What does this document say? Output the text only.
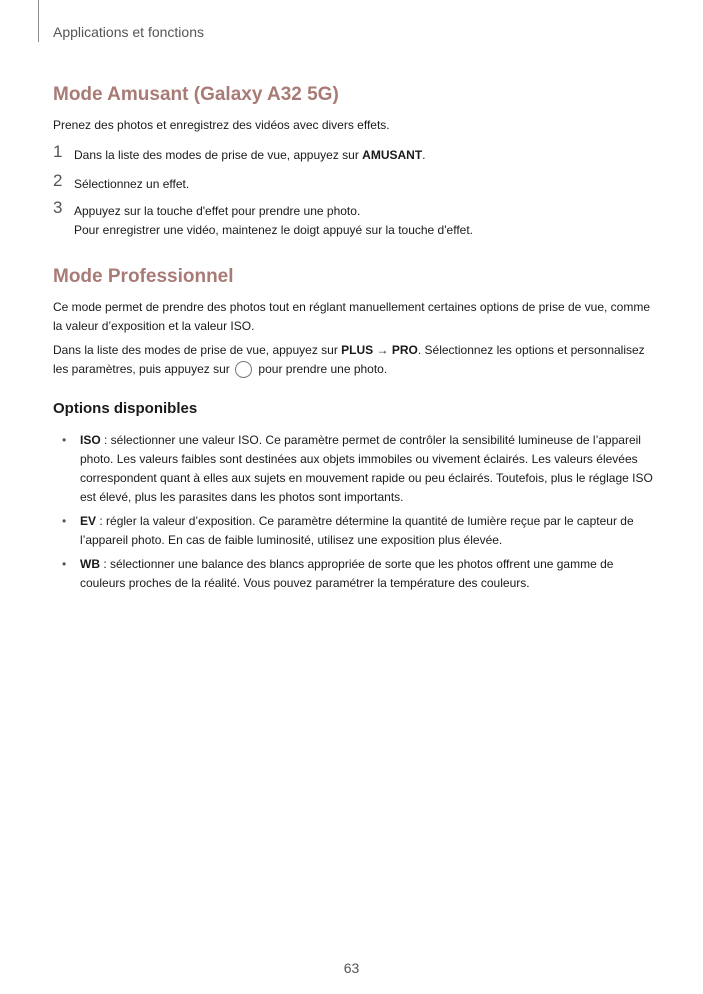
Applications et fonctions
Mode Amusant (Galaxy A32 5G)
Prenez des photos et enregistrez des vidéos avec divers effets.
1 Dans la liste des modes de prise de vue, appuyez sur AMUSANT.
2 Sélectionnez un effet.
3 Appuyez sur la touche d'effet pour prendre une photo.
Pour enregistrer une vidéo, maintenez le doigt appuyé sur la touche d'effet.
Mode Professionnel
Ce mode permet de prendre des photos tout en réglant manuellement certaines options de prise de vue, comme la valeur d’exposition et la valeur ISO.
Dans la liste des modes de prise de vue, appuyez sur PLUS → PRO. Sélectionnez les options et personnalisez les paramètres, puis appuyez sur  pour prendre une photo.
Options disponibles
• ISO : sélectionner une valeur ISO. Ce paramètre permet de contrôler la sensibilité lumineuse de l’appareil photo. Les valeurs faibles sont destinées aux objets immobiles ou vivement éclairés. Les valeurs élevées correspondent quant à elles aux sujets en mouvement rapide ou peu éclairés. Toutefois, plus le réglage ISO est élevé, plus les parasites dans les photos sont importants.
• EV : régler la valeur d’exposition. Ce paramètre détermine la quantité de lumière reçue par le capteur de l’appareil photo. En cas de faible luminosité, utilisez une exposition plus élevée.
• WB : sélectionner une balance des blancs appropriée de sorte que les photos offrent une gamme de couleurs proches de la réalité. Vous pouvez paramétrer la température des couleurs.
63
